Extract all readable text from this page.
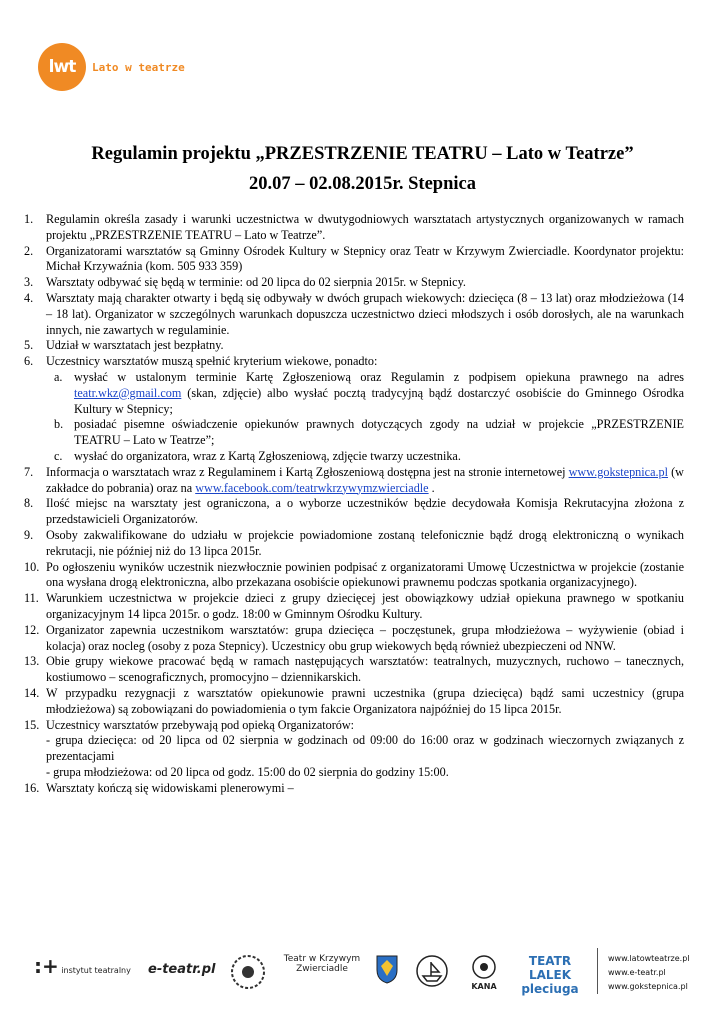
lwt	Lato w teatrze
Regulamin projektu „PRZESTRZENIE TEATRU – Lato w Teatrze”
20.07 – 02.08.2015r. Stepnica
1.	Regulamin określa zasady i warunki uczestnictwa w dwutygodniowych warsztatach artystycznych organizowanych w ramach projektu „PRZESTRZENIE TEATRU – Lato w Teatrze”.
2.	Organizatorami warsztatów są Gminny Ośrodek Kultury w Stepnicy oraz Teatr w Krzywym Zwierciadle. Koordynator projektu: Michał Krzywaźnia (kom. 505 933 359)
3.	Warsztaty odbywać się będą w terminie: od 20 lipca do 02 sierpnia 2015r. w Stepnicy.
4.	Warsztaty mają charakter otwarty i będą się odbywały w dwóch grupach wiekowych: dziecięca (8 – 13 lat) oraz młodzieżowa (14 – 18 lat). Organizator w szczególnych warunkach dopuszcza uczestnictwo dzieci młodszych i osób dorosłych, ale na warunkach innych, nie zawartych w regulaminie.
5.	Udział w warsztatach jest bezpłatny.
6.	Uczestnicy warsztatów muszą spełnić kryterium wiekowe, ponadto:
a. wysłać w ustalonym terminie Kartę Zgłoszeniową oraz Regulamin z podpisem opiekuna prawnego na adres teatr.wkz@gmail.com (skan, zdjęcie) albo wysłać pocztą tradycyjną bądź dostarczyć osobiście do Gminnego Ośrodka Kultury w Stepnicy;
b. posiadać pisemne oświadczenie opiekunów prawnych dotyczących zgody na udział w projekcie „PRZESTRZENIE TEATRU – Lato w Teatrze”;
c. wysłać do organizatora, wraz z Kartą Zgłoszeniową, zdjęcie twarzy uczestnika.
7.	Informacja o warsztatach wraz z Regulaminem i Kartą Zgłoszeniową dostępna jest na stronie internetowej www.gokstepnica.pl (w zakładce do pobrania) oraz na www.facebook.com/teatrwkrzywymzwierciadle .
8.	Ilość miejsc na warsztaty jest ograniczona, a o wyborze uczestników będzie decydowała Komisja Rekrutacyjna złożona z przedstawicieli Organizatorów.
9.	Osoby zakwalifikowane do udziału w projekcie powiadomione zostaną telefonicznie bądź drogą elektroniczną o wynikach rekrutacji, nie później niż do 13 lipca 2015r.
10. Po ogłoszeniu wyników uczestnik niezwłocznie powinien podpisać z organizatorami Umowę Uczestnictwa w projekcie (zostanie ona wysłana drogą elektroniczna, albo przekazana osobiście opiekunowi prawnemu podczas spotkania organizacyjnego).
11. Warunkiem uczestnictwa w projekcie dzieci z grupy dziecięcej jest obowiązkowy udział opiekuna prawnego w spotkaniu organizacyjnym 14 lipca 2015r. o godz. 18:00 w Gminnym Ośrodku Kultury.
12. Organizator zapewnia uczestnikom warsztatów: grupa dziecięca – poczęstunek, grupa młodzieżowa – wyżywienie (obiad i kolacja) oraz nocleg (osoby z poza Stepnicy). Uczestnicy obu grup wiekowych będą również ubezpieczeni od NNW.
13. Obie grupy wiekowe pracować będą w ramach następujących warsztatów: teatralnych, muzycznych, ruchowo – tanecznych, kostiumowo – scenograficznych, promocyjno – dziennikarskich.
14. W przypadku rezygnacji z warsztatów opiekunowie prawni uczestnika (grupa dziecięca) bądź sami uczestnicy (grupa młodzieżowa) są zobowiązani do powiadomienia o tym fakcie Organizatora najpóźniej do 15 lipca 2015r.
15. Uczestnicy warsztatów przebywają pod opieką Organizatorów:
- grupa dziecięca: od 20 lipca od 02 sierpnia w godzinach od 09:00 do 16:00 oraz w godzinach wieczornych związanych z prezentacjami
- grupa młodzieżowa: od 20 lipca od godz. 15:00 do 02 sierpnia do godziny 15:00.
16. Warsztaty kończą się widowiskami plenerowymi –
:+ instytut teatralny e-teatr.pl
Teatr w Krzywym Zwierciadle
KANA
TEATR LALEK pleciuga
www.latowteatrze.pl
www.e-teatr.pl
www.gokstepnica.pl
